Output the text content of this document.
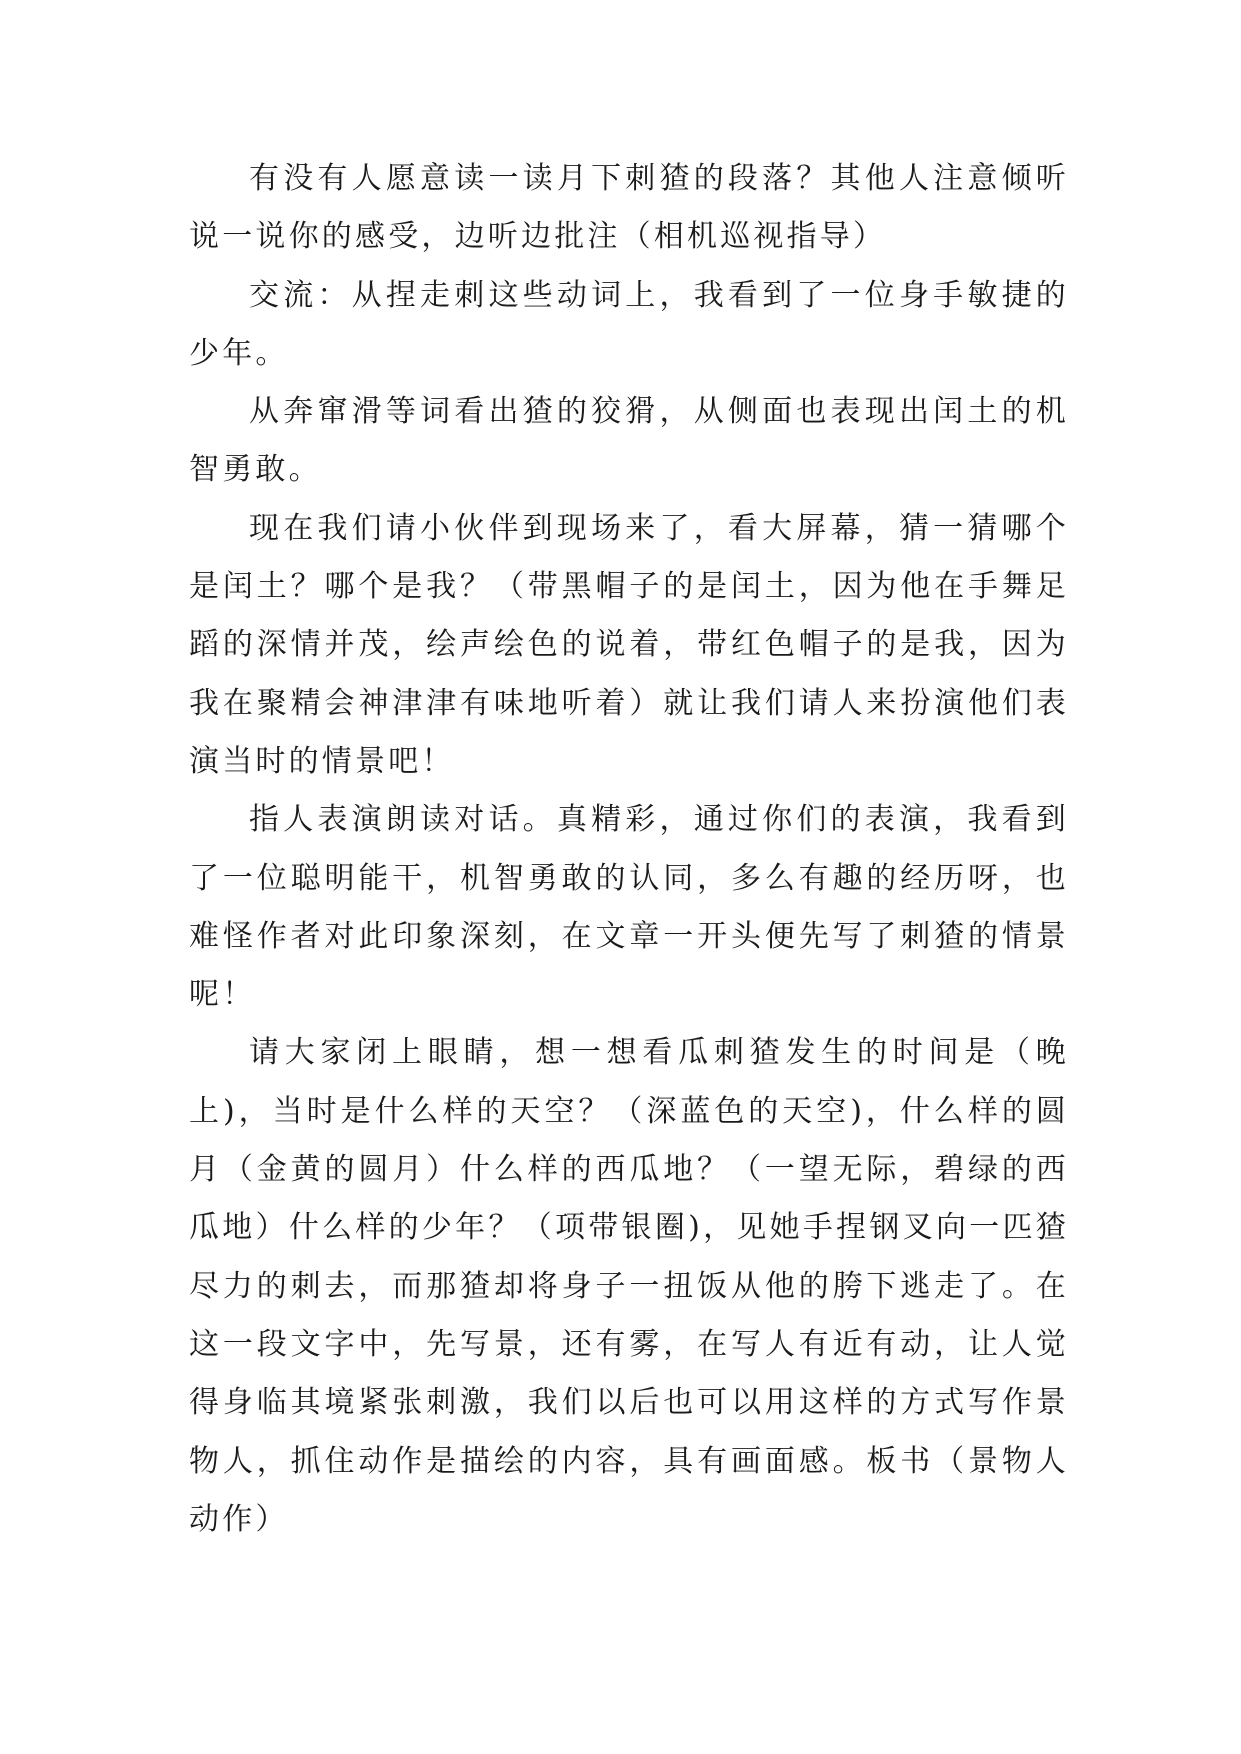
有没有人愿意读一读月下刺猹的段落？其他人注意倾听说一说你的感受，边听边批注（相机巡视指导）

交流：从捏走刺这些动词上，我看到了一位身手敏捷的少年。

从奔窜滑等词看出猹的狡猾，从侧面也表现出闰土的机智勇敢。

现在我们请小伙伴到现场来了，看大屏幕，猜一猜哪个是闰土？哪个是我？（带黑帽子的是闰土，因为他在手舞足蹈的深情并茂，绘声绘色的说着，带红色帽子的是我，因为我在聚精会神津津有味地听着）就让我们请人来扮演他们表演当时的情景吧！

指人表演朗读对话。真精彩，通过你们的表演，我看到了一位聪明能干，机智勇敢的认同，多么有趣的经历呀，也难怪作者对此印象深刻，在文章一开头便先写了刺猹的情景呢！

请大家闭上眼睛，想一想看瓜刺猹发生的时间是（晚上)，当时是什么样的天空？（深蓝色的天空)，什么样的圆月（金黄的圆月）什么样的西瓜地？（一望无际，碧绿的西瓜地）什么样的少年？（项带银圈)，见她手捏钢叉向一匹猹尽力的刺去，而那猹却将身子一扭饭从他的胯下逃走了。在这一段文字中，先写景，还有雾，在写人有近有动，让人觉得身临其境紧张刺激，我们以后也可以用这样的方式写作景物人，抓住动作是描绘的内容，具有画面感。板书（景物人动作）
